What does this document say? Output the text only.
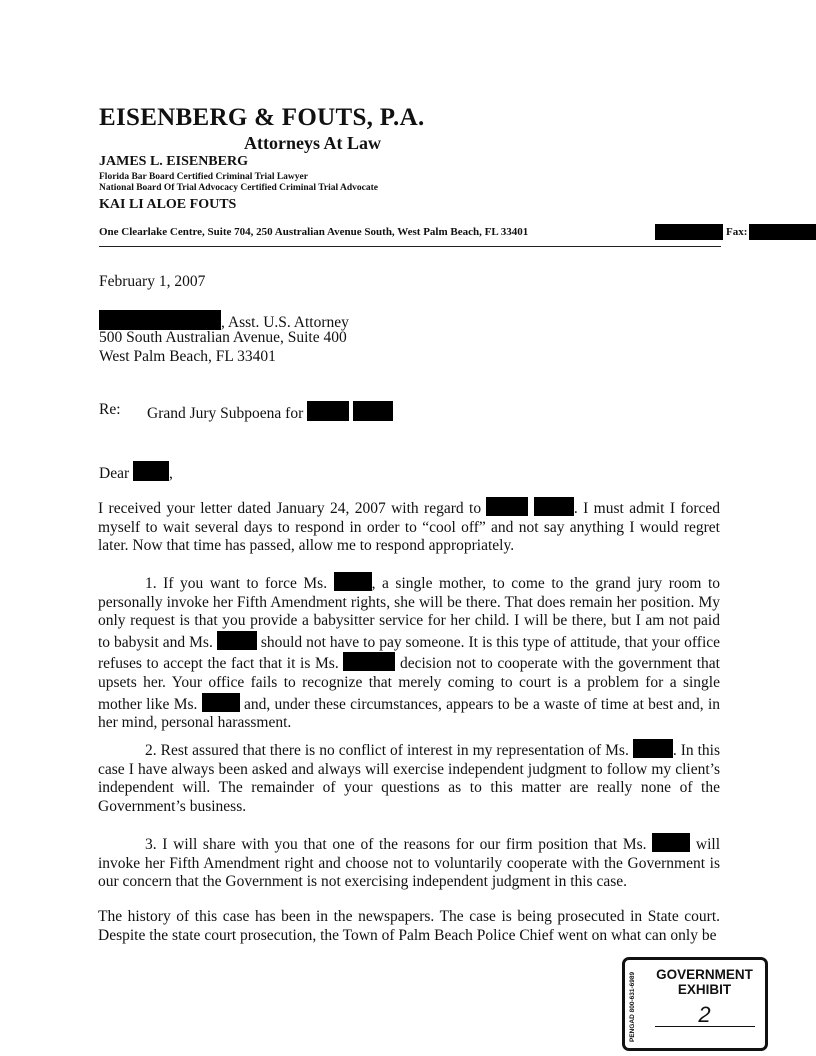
EISENBERG & FOUTS, P.A.
Attorneys At Law
JAMES L. EISENBERG
Florida Bar Board Certified Criminal Trial Lawyer
National Board Of Trial Advocacy Certified Criminal Trial Advocate
KAI LI ALOE FOUTS
One Clearlake Centre, Suite 704, 250 Australian Avenue South, West Palm Beach, FL 33401	Fax:
February 1, 2007
, Asst. U.S. Attorney
500 South Australian Avenue, Suite 400
West Palm Beach, FL 33401
Re: Grand Jury Subpoena for
Dear	,
I received your letter dated January 24, 2007 with regard to	. I must admit I forced myself to wait several days to respond in order to “cool off” and not say anything I would regret later. Now that time has passed, allow me to respond appropriately.
1. If you want to force Ms.	, a single mother, to come to the grand jury room to personally invoke her Fifth Amendment rights, she will be there. That does remain her position. My only request is that you provide a babysitter service for her child. I will be there, but I am not paid to babysit and Ms.	should not have to pay someone. It is this type of attitude, that your office refuses to accept the fact that it is Ms.	decision not to cooperate with the government that upsets her. Your office fails to recognize that merely coming to court is a problem for a single mother like Ms.	and, under these circumstances, appears to be a waste of time at best and, in her mind, personal harassment.
2. Rest assured that there is no conflict of interest in my representation of Ms.	. In this case I have always been asked and always will exercise independent judgment to follow my client’s independent will. The remainder of your questions as to this matter are really none of the Government’s business.
3. I will share with you that one of the reasons for our firm position that Ms.	will invoke her Fifth Amendment right and choose not to voluntarily cooperate with the Government is our concern that the Government is not exercising independent judgment in this case.
The history of this case has been in the newspapers. The case is being prosecuted in State court. Despite the state court prosecution, the Town of Palm Beach Police Chief went on what can only be
PENGAD 800-631-6989	GOVERNMENT
EXHIBIT
2
